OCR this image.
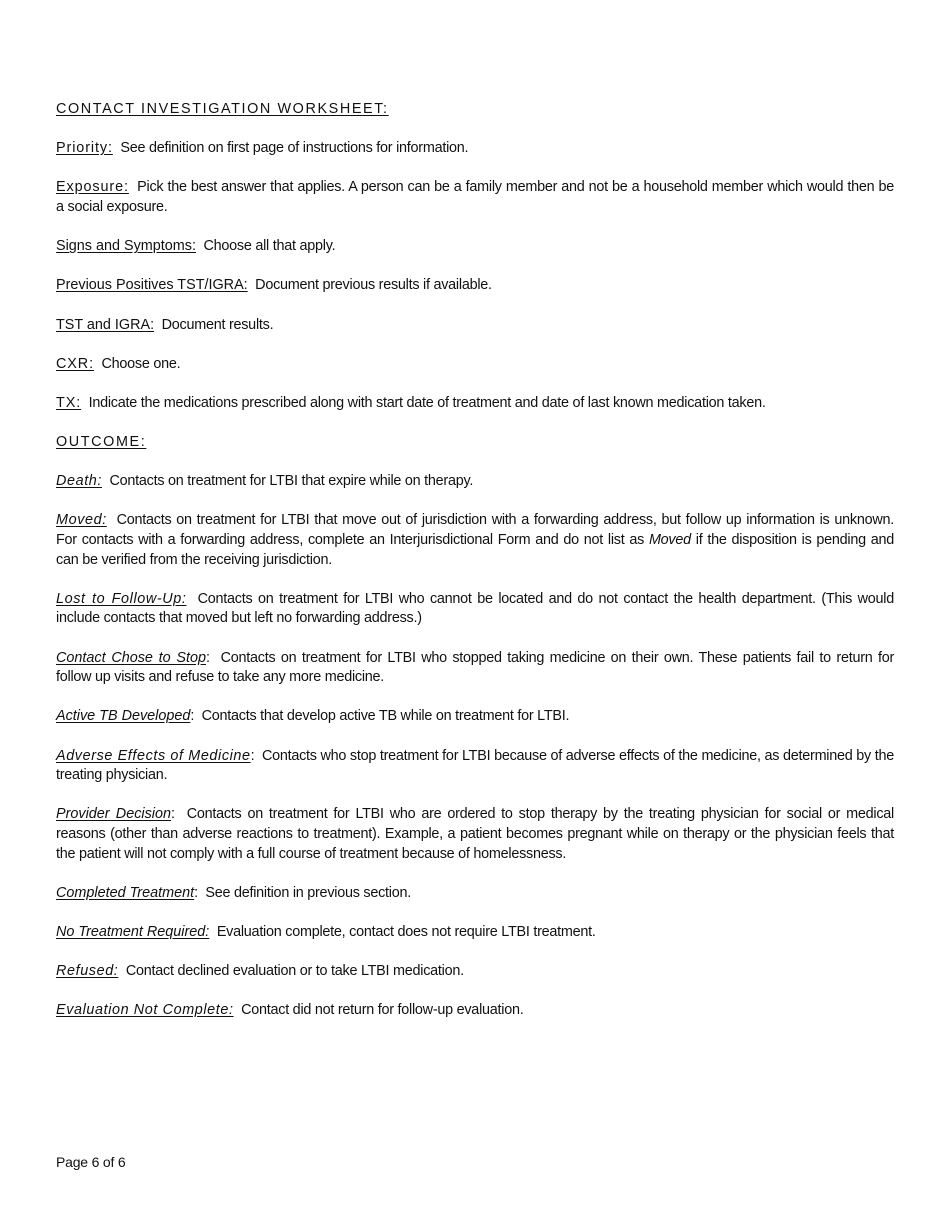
CONTACT INVESTIGATION WORKSHEET:

Priority: See definition on first page of instructions for information.

Exposure: Pick the best answer that applies. A person can be a family member and not be a household member which would then be a social exposure.

Signs and Symptoms: Choose all that apply.

Previous Positives TST/IGRA: Document previous results if available.

TST and IGRA: Document results.

CXR: Choose one.

TX: Indicate the medications prescribed along with start date of treatment and date of last known medication taken.

OUTCOME:

Death: Contacts on treatment for LTBI that expire while on therapy.

Moved: Contacts on treatment for LTBI that move out of jurisdiction with a forwarding address, but follow up information is unknown. For contacts with a forwarding address, complete an Interjurisdictional Form and do not list as Moved if the disposition is pending and can be verified from the receiving jurisdiction.

Lost to Follow-Up: Contacts on treatment for LTBI who cannot be located and do not contact the health department. (This would include contacts that moved but left no forwarding address.)

Contact Chose to Stop:  Contacts on treatment for LTBI who stopped taking medicine on their own. These patients fail to return for follow up visits and refuse to take any more medicine.

Active TB Developed:  Contacts that develop active TB while on treatment for LTBI.

Adverse Effects of Medicine:  Contacts who stop treatment for LTBI because of adverse effects of the medicine, as determined by the treating physician.

Provider Decision:  Contacts on treatment for LTBI who are ordered to stop therapy by the treating physician for social or medical reasons (other than adverse reactions to treatment). Example, a patient becomes pregnant while on therapy or the physician feels that the patient will not comply with a full course of treatment because of homelessness.

Completed Treatment:  See definition in previous section.

No Treatment Required: Evaluation complete, contact does not require LTBI treatment.

Refused: Contact declined evaluation or to take LTBI medication.

Evaluation Not Complete: Contact did not return for follow-up evaluation.

Page 6 of 6
